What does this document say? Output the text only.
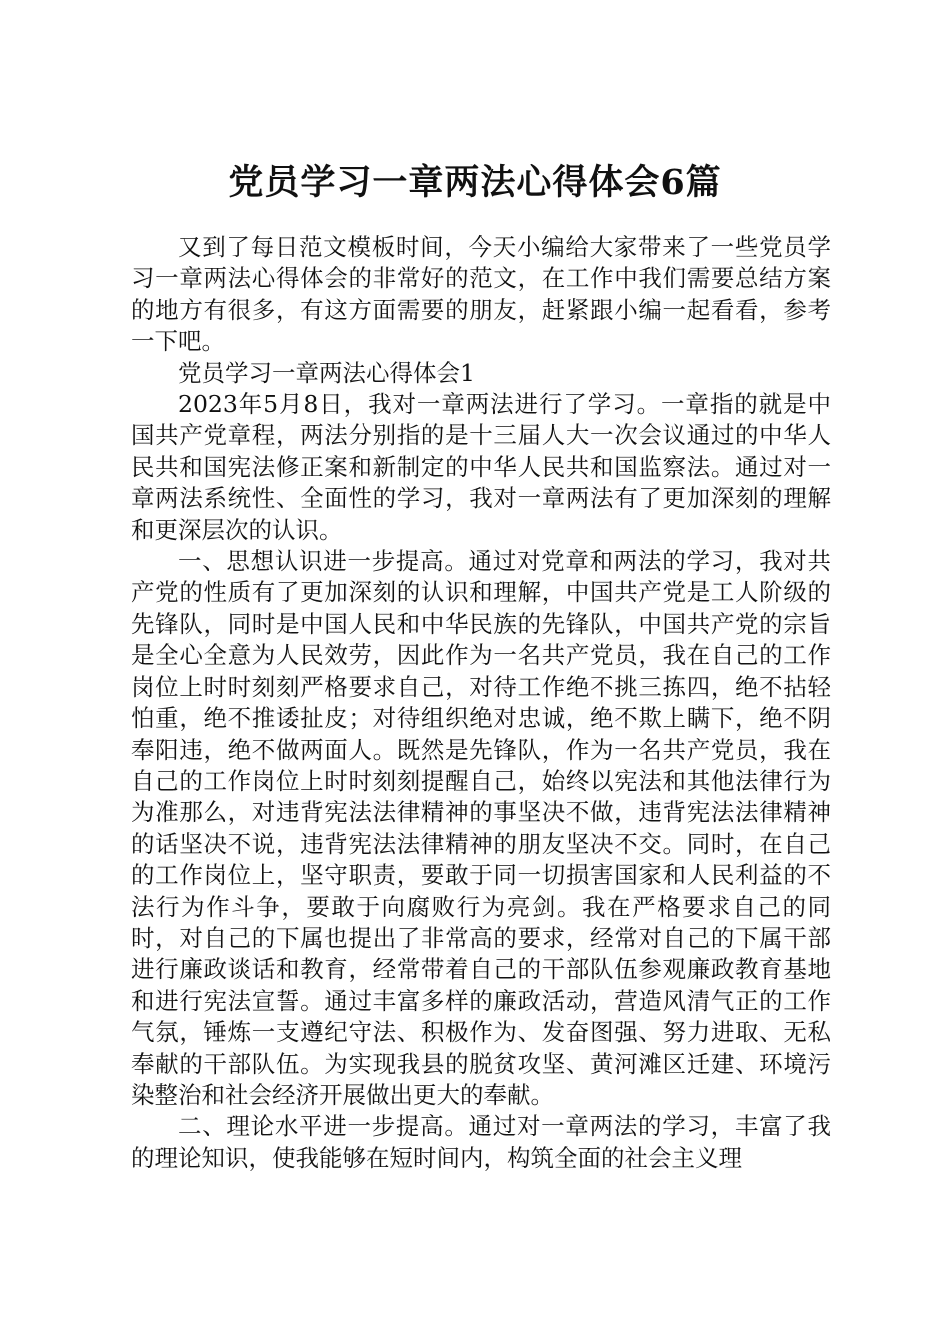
党员学习一章两法心得体会6篇

又到了每日范文模板时间，今天小编给大家带来了一些党员学习一章两法心得体会的非常好的范文，在工作中我们需要总结方案的地方有很多，有这方面需要的朋友，赶紧跟小编一起看看，参考一下吧。

党员学习一章两法心得体会1

2023年5月8日，我对一章两法进行了学习。一章指的就是中国共产党章程，两法分别指的是十三届人大一次会议通过的中华人民共和国宪法修正案和新制定的中华人民共和国监察法。通过对一章两法系统性、全面性的学习，我对一章两法有了更加深刻的理解和更深层次的认识。

一、思想认识进一步提高。通过对党章和两法的学习，我对共产党的性质有了更加深刻的认识和理解，中国共产党是工人阶级的先锋队，同时是中国人民和中华民族的先锋队，中国共产党的宗旨是全心全意为人民效劳，因此作为一名共产党员，我在自己的工作岗位上时时刻刻严格要求自己，对待工作绝不挑三拣四，绝不拈轻怕重，绝不推诿扯皮；对待组织绝对忠诚，绝不欺上瞒下，绝不阴奉阳违，绝不做两面人。既然是先锋队，作为一名共产党员，我在自己的工作岗位上时时刻刻提醒自己，始终以宪法和其他法律行为为准那么，对违背宪法法律精神的事坚决不做，违背宪法法律精神的话坚决不说，违背宪法法律精神的朋友坚决不交。同时，在自己的工作岗位上，坚守职责，要敢于同一切损害国家和人民利益的不法行为作斗争，要敢于向腐败行为亮剑。我在严格要求自己的同时，对自己的下属也提出了非常高的要求，经常对自己的下属干部进行廉政谈话和教育，经常带着自己的干部队伍参观廉政教育基地和进行宪法宣誓。通过丰富多样的廉政活动，营造风清气正的工作气氛，锤炼一支遵纪守法、积极作为、发奋图强、努力进取、无私奉献的干部队伍。为实现我县的脱贫攻坚、黄河滩区迁建、环境污染整治和社会经济开展做出更大的奉献。

二、理论水平进一步提高。通过对一章两法的学习，丰富了我的理论知识，使我能够在短时间内，构筑全面的社会主义理
